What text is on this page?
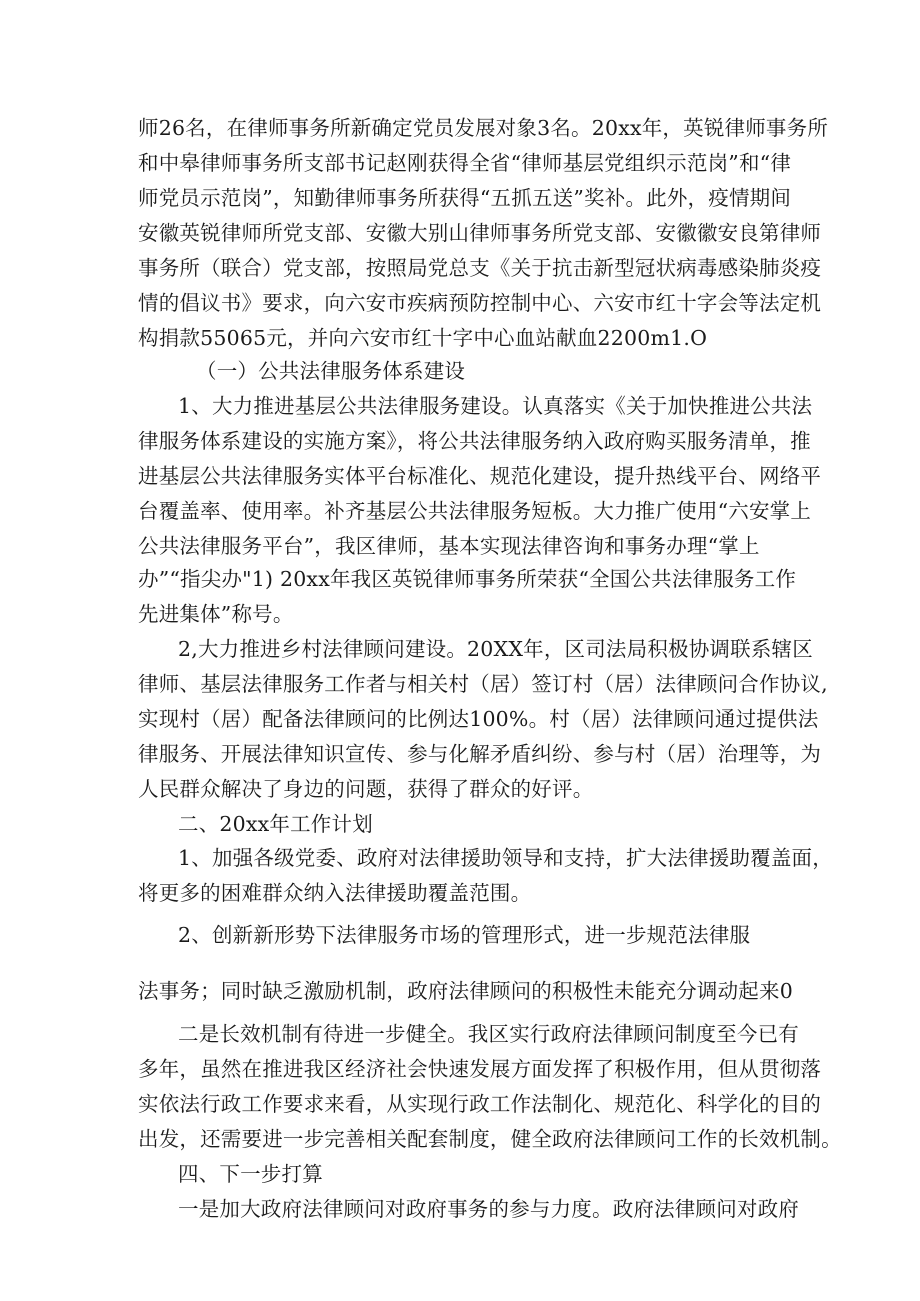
师26名，在律师事务所新确定党员发展对象3名。20xx年，英锐律师事务所
和中皋律师事务所支部书记赵刚获得全省“律师基层党组织示范岗”和“律
师党员示范岗”，知勤律师事务所获得“五抓五送”奖补。此外，疫情期间
安徽英锐律师所党支部、安徽大别山律师事务所党支部、安徽徽安良第律师
事务所（联合）党支部，按照局党总支《关于抗击新型冠状病毒感染肺炎疫
情的倡议书》要求，向六安市疾病预防控制中心、六安市红十字会等法定机
构捐款55065元，并向六安市红十字中心血站献血2200m1.O
（一）公共法律服务体系建设
1、大力推进基层公共法律服务建设。认真落实《关于加快推进公共法
律服务体系建设的实施方案》，将公共法律服务纳入政府购买服务清单，推
进基层公共法律服务实体平台标准化、规范化建设，提升热线平台、网络平
台覆盖率、使用率。补齐基层公共法律服务短板。大力推广使用“六安掌上
公共法律服务平台”，我区律师，基本实现法律咨询和事务办理“掌上
办”“指尖办"1) 20xx年我区英锐律师事务所荣获“全国公共法律服务工作
先进集体”称号。
2,大力推进乡村法律顾问建设。20XX年，区司法局积极协调联系辖区
律师、基层法律服务工作者与相关村（居）签订村（居）法律顾问合作协议,
实现村（居）配备法律顾问的比例达100%。村（居）法律顾问通过提供法
律服务、开展法律知识宣传、参与化解矛盾纠纷、参与村（居）治理等，为
人民群众解决了身边的问题，获得了群众的好评。
二、20xx年工作计划
1、加强各级党委、政府对法律援助领导和支持，扩大法律援助覆盖面，
将更多的困难群众纳入法律援助覆盖范围。
2、创新新形势下法律服务市场的管理形式，进一步规范法律服
法事务；同时缺乏激励机制，政府法律顾问的积极性未能充分调动起来0
二是长效机制有待进一步健全。我区实行政府法律顾问制度至今已有
多年，虽然在推进我区经济社会快速发展方面发挥了积极作用，但从贯彻落
实依法行政工作要求来看，从实现行政工作法制化、规范化、科学化的目的
出发，还需要进一步完善相关配套制度，健全政府法律顾问工作的长效机制。
四、下一步打算
一是加大政府法律顾问对政府事务的参与力度。政府法律顾问对政府
